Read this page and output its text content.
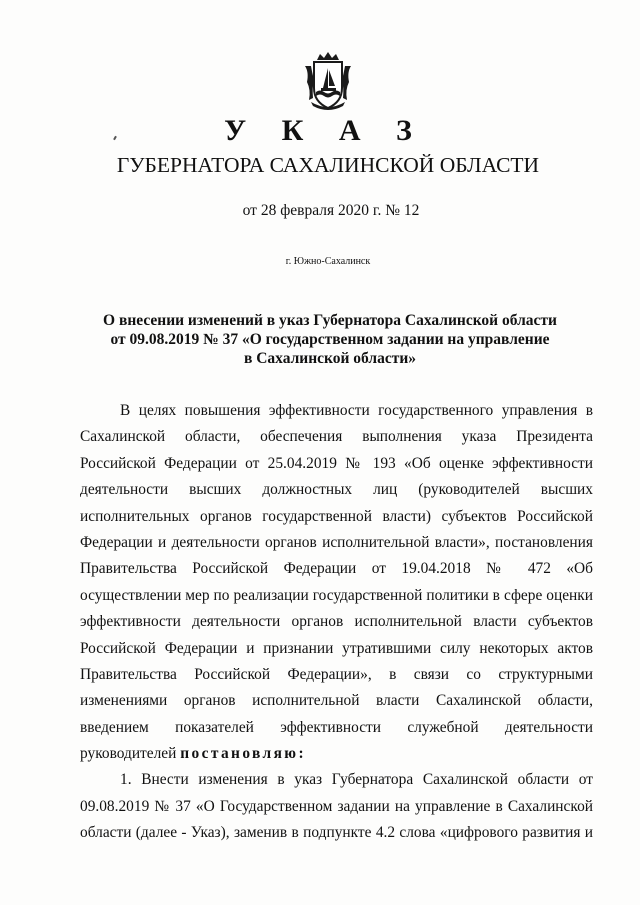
У К А З
ГУБЕРНАТОРА САХАЛИНСКОЙ ОБЛАСТИ
от 28 февраля 2020 г. № 12
г. Южно-Сахалинск
О внесении изменений в указ Губернатора Сахалинской области
от 09.08.2019 № 37 «О государственном задании на управление
в Сахалинской области»
В целях повышения эффективности государственного управления в
Сахалинской области, обеспечения выполнения указа Президента
Российской Федерации от 25.04.2019 № 193 «Об оценке эффективности
деятельности высших должностных лиц (руководителей высших
исполнительных органов государственной власти) субъектов Российской
Федерации и деятельности органов исполнительной власти», постановления
Правительства Российской Федерации от 19.04.2018 № 472 «Об
осуществлении мер по реализации государственной политики в сфере оценки
эффективности деятельности органов исполнительной власти субъектов
Российской Федерации и признании утратившими силу некоторых актов
Правительства Российской Федерации», в связи со структурными
изменениями органов исполнительной власти Сахалинской области,
введением показателей эффективности служебной деятельности
руководителей постановляю:
1. Внести изменения в указ Губернатора Сахалинской области от
09.08.2019 № 37 «О Государственном задании на управление в Сахалинской
области (далее - Указ), заменив в подпункте 4.2 слова «цифрового развития и
